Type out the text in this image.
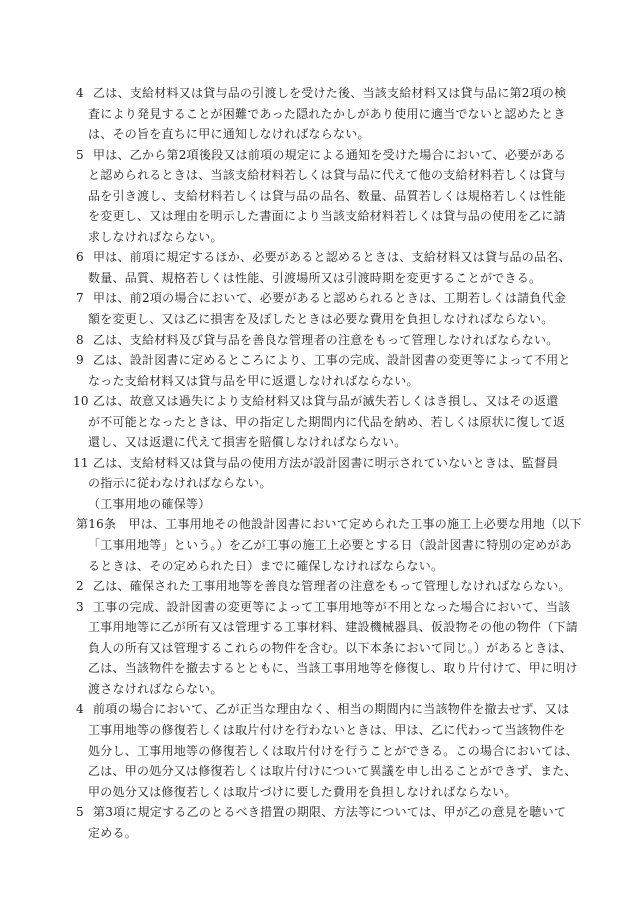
4 乙は、支給材料又は貸与品の引渡しを受けた後、当該支給材料又は貸与品に第2項の検
査により発見することが困難であった隠れたかしがあり使用に適当でないと認めたとき
は、その旨を直ちに甲に通知しなければならない。
5 甲は、乙から第2項後段又は前項の規定による通知を受けた場合において、必要がある
と認められるときは、当該支給材料若しくは貸与品に代えて他の支給材料若しくは貸与
品を引き渡し、支給材料若しくは貸与品の品名、数量、品質若しくは規格若しくは性能
を変更し、又は理由を明示した書面により当該支給材料若しくは貸与品の使用を乙に請
求しなければならない。
6 甲は、前項に規定するほか、必要があると認めるときは、支給材料又は貸与品の品名、
数量、品質、規格若しくは性能、引渡場所又は引渡時期を変更することができる。
7 甲は、前2項の場合において、必要があると認められるときは、工期若しくは請負代金
額を変更し、又は乙に損害を及ぼしたときは必要な費用を負担しなければならない。
8 乙は、支給材料及び貸与品を善良な管理者の注意をもって管理しなければならない。
9 乙は、設計図書に定めるところにより、工事の完成、設計図書の変更等によって不用と
なった支給材料又は貸与品を甲に返還しなければならない。
10 乙は、故意又は過失により支給材料又は貸与品が滅失若しくはき損し、又はその返還
が不可能となったときは、甲の指定した期間内に代品を納め、若しくは原状に復して返
還し、又は返還に代えて損害を賠償しなければならない。
11 乙は、支給材料又は貸与品の使用方法が設計図書に明示されていないときは、監督員
の指示に従わなければならない。
（工事用地の確保等）
第16条　甲は、工事用地その他設計図書において定められた工事の施工上必要な用地（以下
「工事用地等」という。）を乙が工事の施工上必要とする日（設計図書に特別の定めがあ
るときは、その定められた日）までに確保しなければならない。
2 乙は、確保された工事用地等を善良な管理者の注意をもって管理しなければならない。
3 工事の完成、設計図書の変更等によって工事用地等が不用となった場合において、当該
工事用地等に乙が所有又は管理する工事材料、建設機械器具、仮設物その他の物件（下請
負人の所有又は管理するこれらの物件を含む。以下本条において同じ。）があるときは、
乙は、当該物件を撤去するとともに、当該工事用地等を修復し、取り片付けて、甲に明け
渡さなければならない。
4 前項の場合において、乙が正当な理由なく、相当の期間内に当該物件を撤去せず、又は
工事用地等の修復若しくは取片付けを行わないときは、甲は、乙に代わって当該物件を
処分し、工事用地等の修復若しくは取片付けを行うことができる。この場合においては、
乙は、甲の処分又は修復若しくは取片付けについて異議を申し出ることができず、また、
甲の処分又は修復若しくは取片づけに要した費用を負担しなければならない。
5 第3項に規定する乙のとるべき措置の期限、方法等については、甲が乙の意見を聴いて
定める。
